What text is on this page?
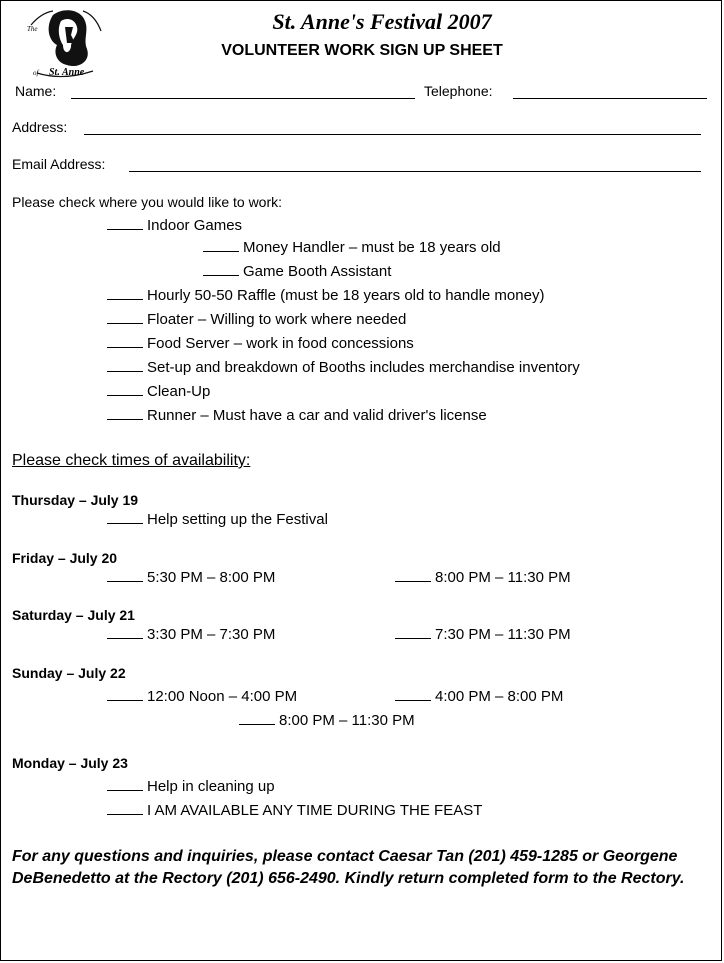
The
of St. Anne
St. Anne's Festival 2007
VOLUNTEER WORK SIGN UP SHEET
Name:	Telephone:
Address:
Email Address:
Please check where you would like to work:
Indoor Games
Money Handler – must be 18 years old
Game Booth Assistant
Hourly 50-50 Raffle (must be 18 years old to handle money)
Floater – Willing to work where needed
Food Server – work in food concessions
Set-up and breakdown of Booths includes merchandise inventory
Clean-Up
Runner – Must have a car and valid driver's license
Please check times of availability:
Thursday – July 19
Help setting up the Festival
Friday – July 20
5:30 PM – 8:00 PM	8:00 PM – 11:30 PM
Saturday – July 21
3:30 PM – 7:30 PM	7:30 PM – 11:30 PM
Sunday – July 22
12:00 Noon – 4:00 PM	4:00 PM – 8:00 PM
8:00 PM – 11:30 PM
Monday – July 23
Help in cleaning up
I AM AVAILABLE ANY TIME DURING THE FEAST
For any questions and inquiries, please contact Caesar Tan (201) 459-1285 or Georgene DeBenedetto at the Rectory (201) 656-2490. Kindly return completed form to the Rectory.
